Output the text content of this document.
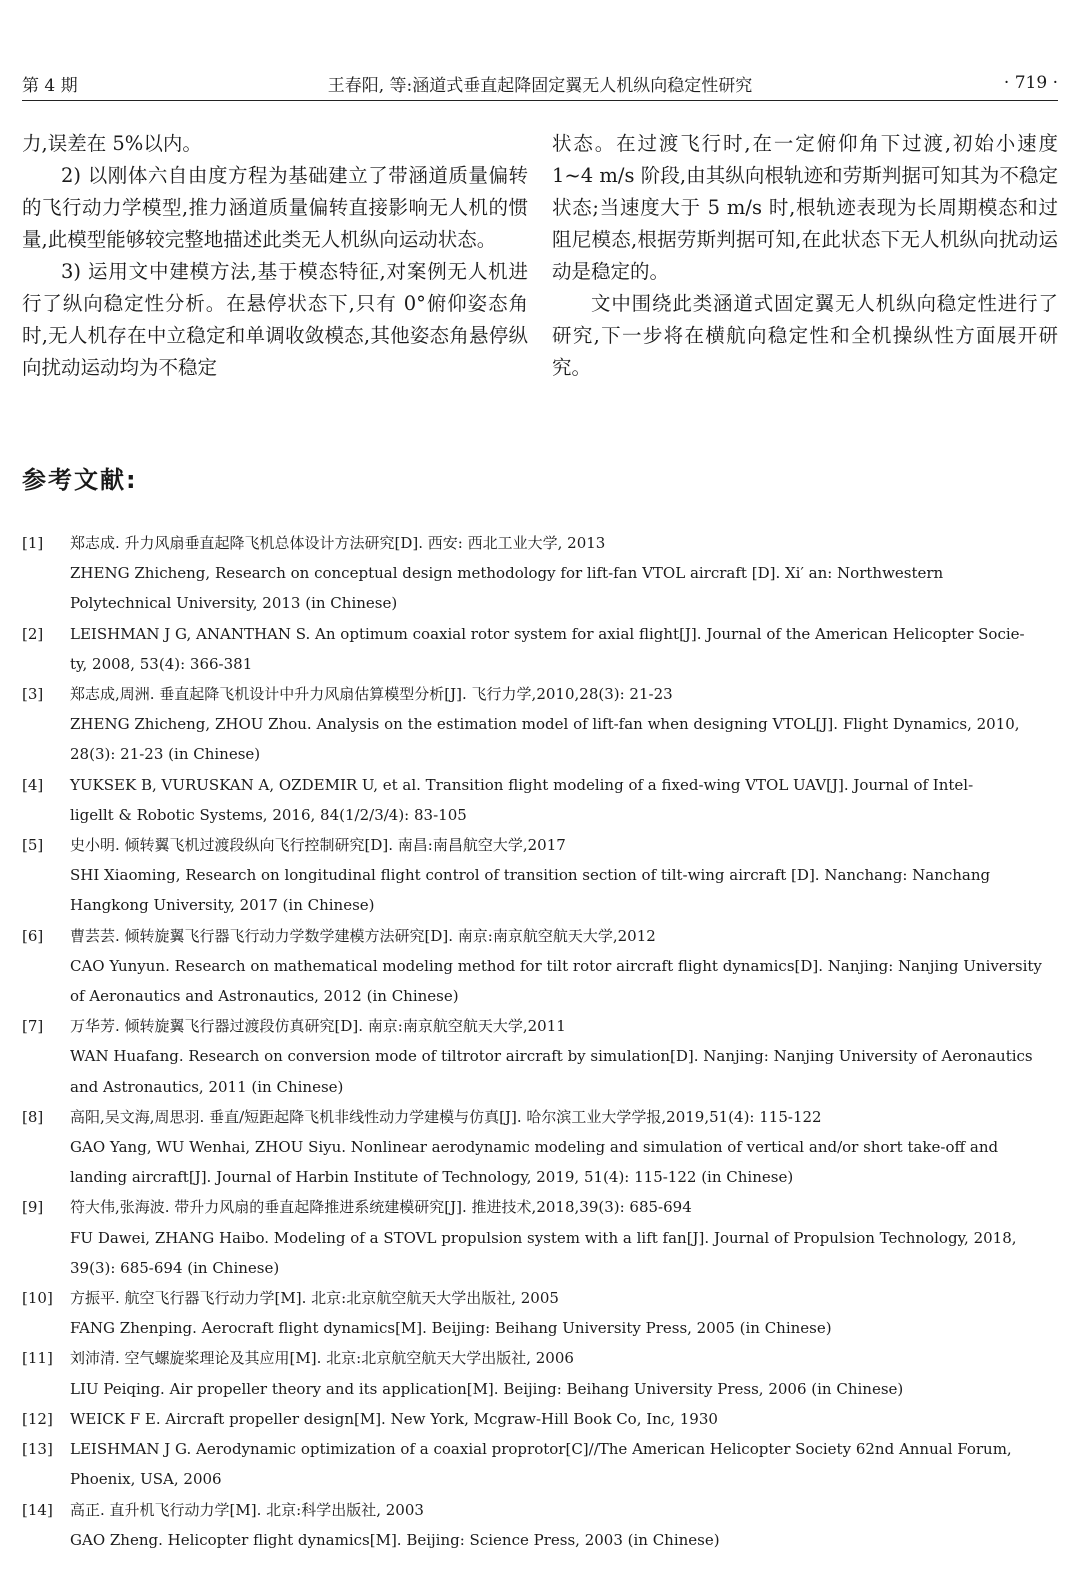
第 4 期	王春阳, 等:涵道式垂直起降固定翼无人机纵向稳定性研究	· 719 ·

力,误差在 5%以内。

2) 以刚体六自由度方程为基础建立了带涵道质量偏转的飞行动力学模型,推力涵道质量偏转直接影响无人机的惯量,此模型能够较完整地描述此类无人机纵向运动状态。

3) 运用文中建模方法,基于模态特征,对案例无人机进行了纵向稳定性分析。在悬停状态下,只有 0°俯仰姿态角时,无人机存在中立稳定和单调收敛模态,其他姿态角悬停纵向扰动运动均为不稳定

状态。在过渡飞行时,在一定俯仰角下过渡,初始小速度 1~4 m/s 阶段,由其纵向根轨迹和劳斯判据可知其为不稳定状态;当速度大于 5 m/s 时,根轨迹表现为长周期模态和过阻尼模态,根据劳斯判据可知,在此状态下无人机纵向扰动运动是稳定的。

文中围绕此类涵道式固定翼无人机纵向稳定性进行了研究,下一步将在横航向稳定性和全机操纵性方面展开研究。

参考文献:
[1]	郑志成. 升力风扇垂直起降飞机总体设计方法研究[D]. 西安: 西北工业大学, 2013
ZHENG Zhicheng, Research on conceptual design methodology for lift-fan VTOL aircraft [D]. Xi′ an: Northwestern
Polytechnical University, 2013 (in Chinese)
[2]	LEISHMAN J G, ANANTHAN S. An optimum coaxial rotor system for axial flight[J]. Journal of the American Helicopter Socie-
ty, 2008, 53(4): 366-381
[3]	郑志成,周洲. 垂直起降飞机设计中升力风扇估算模型分析[J]. 飞行力学,2010,28(3): 21-23
ZHENG Zhicheng, ZHOU Zhou. Analysis on the estimation model of lift-fan when designing VTOL[J]. Flight Dynamics, 2010,
28(3): 21-23 (in Chinese)
[4]	YUKSEK B, VURUSKAN A, OZDEMIR U, et al. Transition flight modeling of a fixed-wing VTOL UAV[J]. Journal of Intel-
ligellt & Robotic Systems, 2016, 84(1/2/3/4): 83-105
[5]	史小明. 倾转翼飞机过渡段纵向飞行控制研究[D]. 南昌:南昌航空大学,2017
SHI Xiaoming, Research on longitudinal flight control of transition section of tilt-wing aircraft [D]. Nanchang: Nanchang
Hangkong University, 2017 (in Chinese)
[6]	曹芸芸. 倾转旋翼飞行器飞行动力学数学建模方法研究[D]. 南京:南京航空航天大学,2012
CAO Yunyun. Research on mathematical modeling method for tilt rotor aircraft flight dynamics[D]. Nanjing: Nanjing University
of Aeronautics and Astronautics, 2012 (in Chinese)
[7]	万华芳. 倾转旋翼飞行器过渡段仿真研究[D]. 南京:南京航空航天大学,2011
WAN Huafang. Research on conversion mode of tiltrotor aircraft by simulation[D]. Nanjing: Nanjing University of Aeronautics
and Astronautics, 2011 (in Chinese)
[8]	高阳,吴文海,周思羽. 垂直/短距起降飞机非线性动力学建模与仿真[J]. 哈尔滨工业大学学报,2019,51(4): 115-122
GAO Yang, WU Wenhai, ZHOU Siyu. Nonlinear aerodynamic modeling and simulation of vertical and/or short take-off and
landing aircraft[J]. Journal of Harbin Institute of Technology, 2019, 51(4): 115-122 (in Chinese)
[9]	符大伟,张海波. 带升力风扇的垂直起降推进系统建模研究[J]. 推进技术,2018,39(3): 685-694
FU Dawei, ZHANG Haibo. Modeling of a STOVL propulsion system with a lift fan[J]. Journal of Propulsion Technology, 2018,
39(3): 685-694 (in Chinese)
[10]	方振平. 航空飞行器飞行动力学[M]. 北京:北京航空航天大学出版社, 2005
FANG Zhenping. Aerocraft flight dynamics[M]. Beijing: Beihang University Press, 2005 (in Chinese)
[11]	刘沛清. 空气螺旋桨理论及其应用[M]. 北京:北京航空航天大学出版社, 2006
LIU Peiqing. Air propeller theory and its application[M]. Beijing: Beihang University Press, 2006 (in Chinese)
[12]	WEICK F E. Aircraft propeller design[M]. New York, Mcgraw-Hill Book Co, Inc, 1930
[13]	LEISHMAN J G. Aerodynamic optimization of a coaxial proprotor[C]//The American Helicopter Society 62nd Annual Forum,
Phoenix, USA, 2006
[14]	高正. 直升机飞行动力学[M]. 北京:科学出版社, 2003
GAO Zheng. Helicopter flight dynamics[M]. Beijing: Science Press, 2003 (in Chinese)
